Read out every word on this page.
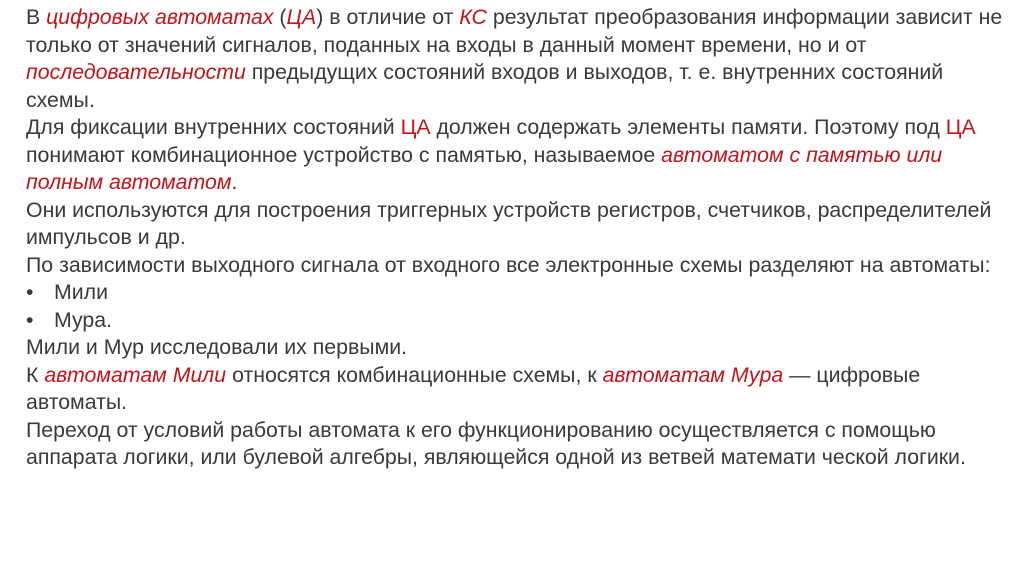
В цифровых автоматах (ЦА) в отличие от КС результат преобразования информации зависит не только от значений сигналов, поданных на входы в данный момент времени, но и от последовательности предыдущих состояний входов и выходов, т. е. внутренних состояний схемы.

Для фиксации внутренних состояний ЦА должен содержать элементы памяти. Поэтому под ЦА понимают комбинационное устройство с памятью, называемое автоматом с памятью или полным автоматом.

Они используются для построения триггерных устройств регистров, счетчиков, распределителей импульсов и др.

По зависимости выходного сигнала от входного все электронные схемы разделяют на автоматы:

• Мили
• Мура.

Мили и Мур исследовали их первыми.

К автоматам Мили относятся комбинационные схемы, к автоматам Мура — цифровые автоматы.

Переход от условий работы автомата к его функционированию осуществляется с помощью аппарата логики, или булевой алгебры, являющейся одной из ветвей математи ческой логики.
